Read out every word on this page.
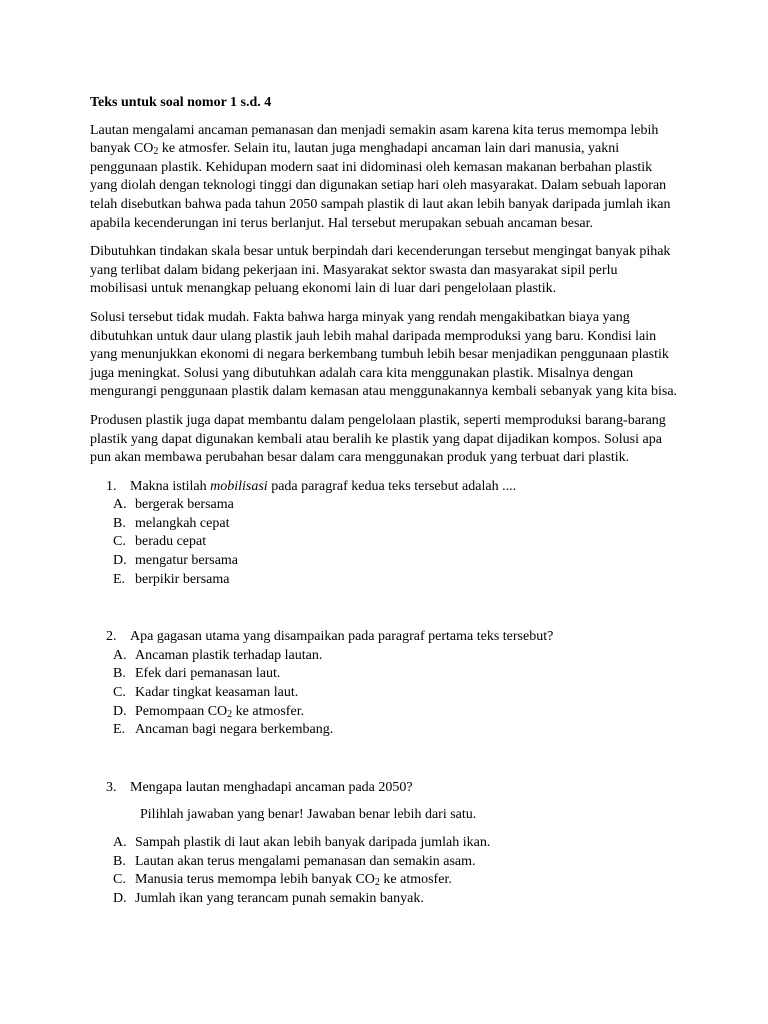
Teks untuk soal nomor 1 s.d. 4

Lautan mengalami ancaman pemanasan dan menjadi semakin asam karena kita terus memompa lebih banyak $CO_2$ ke atmosfer. Selain itu, lautan juga menghadapi ancaman lain dari manusia, yakni penggunaan plastik. Kehidupan modern saat ini didominasi oleh kemasan makanan berbahan plastik yang diolah dengan teknologi tinggi dan digunakan setiap hari oleh masyarakat. Dalam sebuah laporan telah disebutkan bahwa pada tahun 2050 sampah plastik di laut akan lebih banyak daripada jumlah ikan apabila kecenderungan ini terus berlanjut. Hal tersebut merupakan sebuah ancaman besar.

Dibutuhkan tindakan skala besar untuk berpindah dari kecenderungan tersebut mengingat banyak pihak yang terlibat dalam bidang pekerjaan ini. Masyarakat sektor swasta dan masyarakat sipil perlu mobilisasi untuk menangkap peluang ekonomi lain di luar dari pengelolaan plastik.

Solusi tersebut tidak mudah. Fakta bahwa harga minyak yang rendah mengakibatkan biaya yang dibutuhkan untuk daur ulang plastik jauh lebih mahal daripada memproduksi yang baru. Kondisi lain yang menunjukkan ekonomi di negara berkembang tumbuh lebih besar menjadikan penggunaan plastik juga meningkat. Solusi yang dibutuhkan adalah cara kita menggunakan plastik. Misalnya dengan mengurangi penggunaan plastik dalam kemasan atau menggunakannya kembali sebanyak yang kita bisa.

Produsen plastik juga dapat membantu dalam pengelolaan plastik, seperti memproduksi barang-barang plastik yang dapat digunakan kembali atau beralih ke plastik yang dapat dijadikan kompos. Solusi apa pun akan membawa perubahan besar dalam cara menggunakan produk yang terbuat dari plastik.

1. Makna istilah mobilisasi pada paragraf kedua teks tersebut adalah ....

A. bergerak bersama
B. melangkah cepat
C. beradu cepat
D. mengatur bersama
E. berpikir bersama

2. Apa gagasan utama yang disampaikan pada paragraf pertama teks tersebut?

A. Ancaman plastik terhadap lautan.
B. Efek dari pemanasan laut.
C. Kadar tingkat keasaman laut.
D. Pemompaan $CO_2$ ke atmosfer.
E. Ancaman bagi negara berkembang.

3. Mengapa lautan menghadapi ancaman pada 2050?

Pilihlah jawaban yang benar! Jawaban benar lebih dari satu.

A. Sampah plastik di laut akan lebih banyak daripada jumlah ikan.
B. Lautan akan terus mengalami pemanasan dan semakin asam.
C. Manusia terus memompa lebih banyak $CO_2$ ke atmosfer.
D. Jumlah ikan yang terancam punah semakin banyak.
